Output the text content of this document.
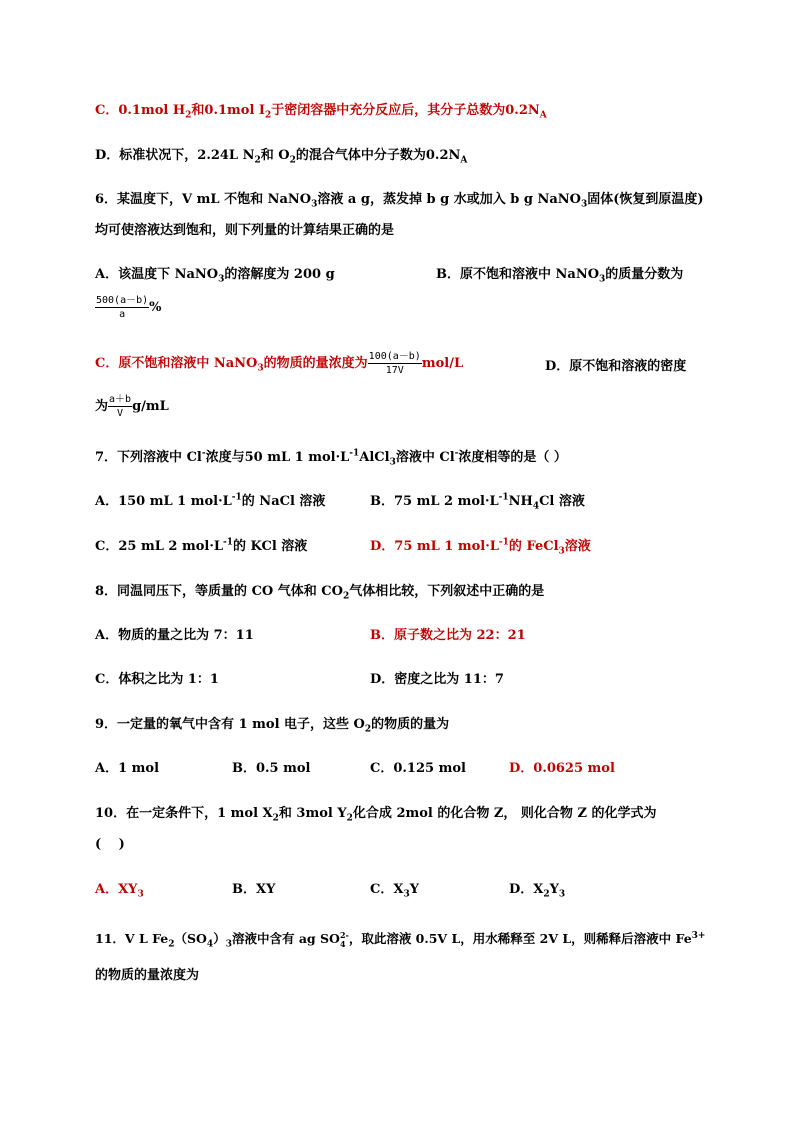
C．0.1mol $H_2$和0.1mol $I_2$于密闭容器中充分反应后，其分子总数为$0.2N_A$
D．标准状况下，2.24L $N_2$和 $O_2$的混合气体中分子数为$0.2N_A$
6．某温度下，V mL 不饱和 NaNO$_3$溶液 a g，蒸发掉 b g 水或加入 b g NaNO$_3$固体(恢复到原温度)
均可使溶液达到饱和，则下列量的计算结果正确的是
A．该温度下 NaNO$_3$的溶解度为 200 g	B．原不饱和溶液中 NaNO$_3$的质量分数为
$\frac{500(a-b)}{a}$ %
C．原不饱和溶液中 NaNO$_3$的物质的量浓度为 $\frac{100(a-b)}{17V} mol/L$	D．原不饱和溶液的密度
为 $\frac{a+b}{V} g/mL$
7．下列溶液中 Cl-浓度与50 mL 1 $mol\cdot L^{-1}AlCl_3$溶液中 Cl-浓度相等的是（ ）
A．150 mL 1 $mol\cdot L^{-1}$的 NaCl 溶液	B．75 mL 2 $mol\cdot L^{-1}NH_4Cl$ 溶液
C．25 mL 2 $mol\cdot L^{-1}$的 KCl 溶液	D．75 mL 1 $mol\cdot L^{-1}$的 FeCl$_3$溶液
8．同温同压下，等质量的 CO 气体和 $CO_2$气体相比较，下列叙述中正确的是
A．物质的量之比为 7：11	B．原子数之比为 22：21
C．体积之比为 1：1	D．密度之比为 11：7
9．一定量的氧气中含有 1 mol 电子，这些 $O_2$的物质的量为
A．1 mol	B．0.5 mol	C．0.125 mol	D．0.0625 mol
10．在一定条件下，1 mol $X_2$和 3mol $Y_2$化合成 2mol 的化合物 Z， 则化合物 Z 的化学式为
(　 )
A．$XY_3$	B．XY	C．$X_3Y$	D．$X_2Y_3$
11．V L $Fe_2(SO_4)_3$溶液中含有 ag SO 2-
4 ，取此溶液 0.5V L，用水稀释至 2V L，则稀释后溶液中 $Fe^{3+}$
的物质的量浓度为
